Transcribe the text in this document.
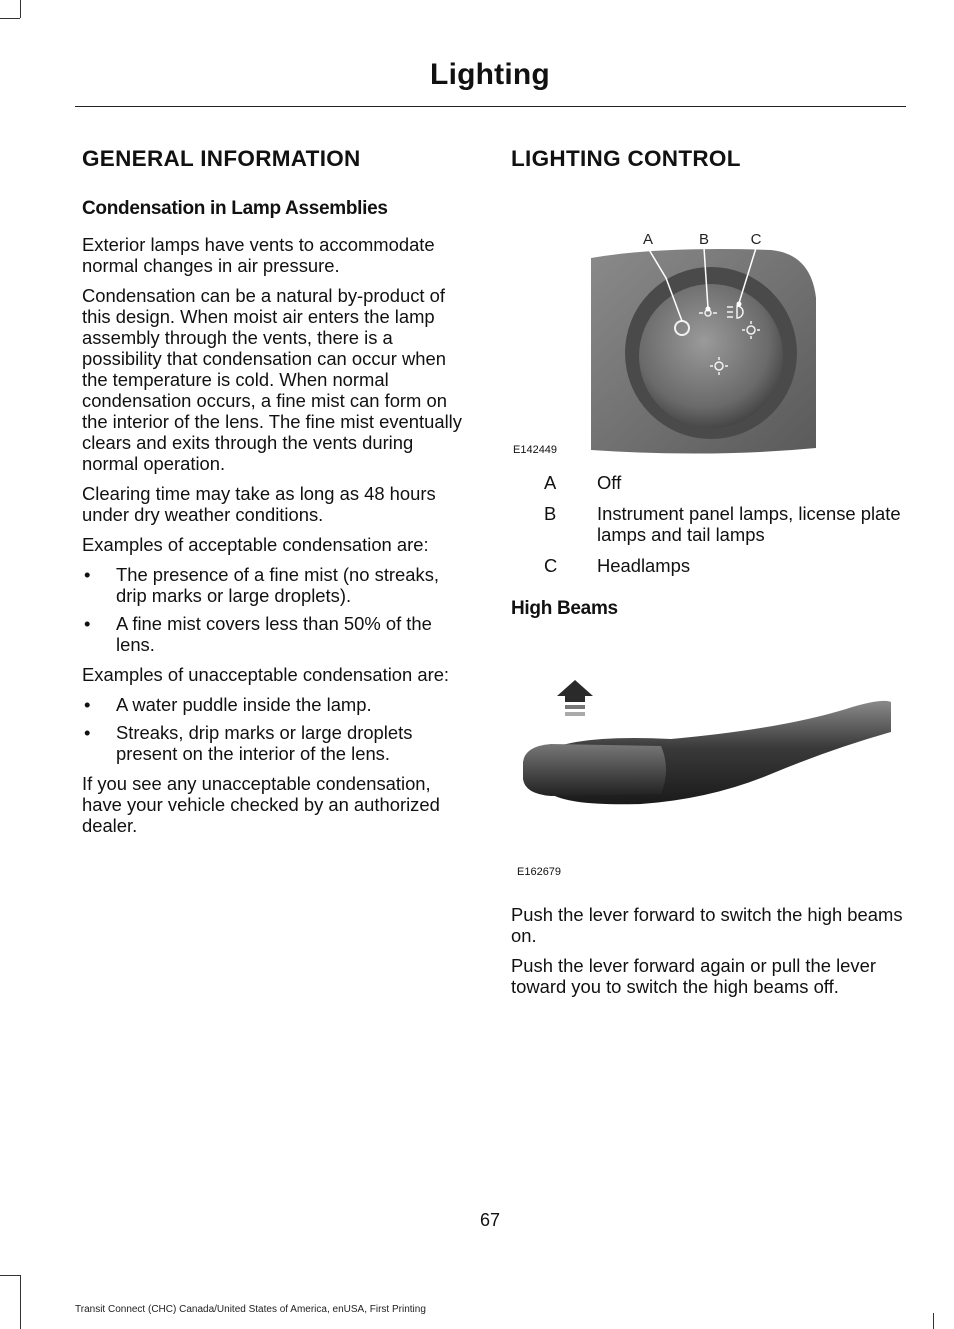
Lighting
GENERAL INFORMATION
Condensation in Lamp Assemblies

Exterior lamps have vents to accommodate normal changes in air pressure.

Condensation can be a natural by-product of this design. When moist air enters the lamp assembly through the vents, there is a possibility that condensation can occur when the temperature is cold. When normal condensation occurs, a fine mist can form on the interior of the lens. The fine mist eventually clears and exits through the vents during normal operation.

Clearing time may take as long as 48 hours under dry weather conditions.

Examples of acceptable condensation are:

• The presence of a fine mist (no streaks, drip marks or large droplets).
• A fine mist covers less than 50% of the lens.

Examples of unacceptable condensation are:

• A water puddle inside the lamp.
• Streaks, drip marks or large droplets present on the interior of the lens.

If you see any unacceptable condensation, have your vehicle checked by an authorized dealer.

LIGHTING CONTROL
A	B	C
E142449
A	Off
B	Instrument panel lamps, license plate lamps and tail lamps
C	Headlamps
High Beams
E162679

Push the lever forward to switch the high beams on.

Push the lever forward again or pull the lever toward you to switch the high beams off.

67
Transit Connect (CHC) Canada/United States of America, enUSA, First Printing
